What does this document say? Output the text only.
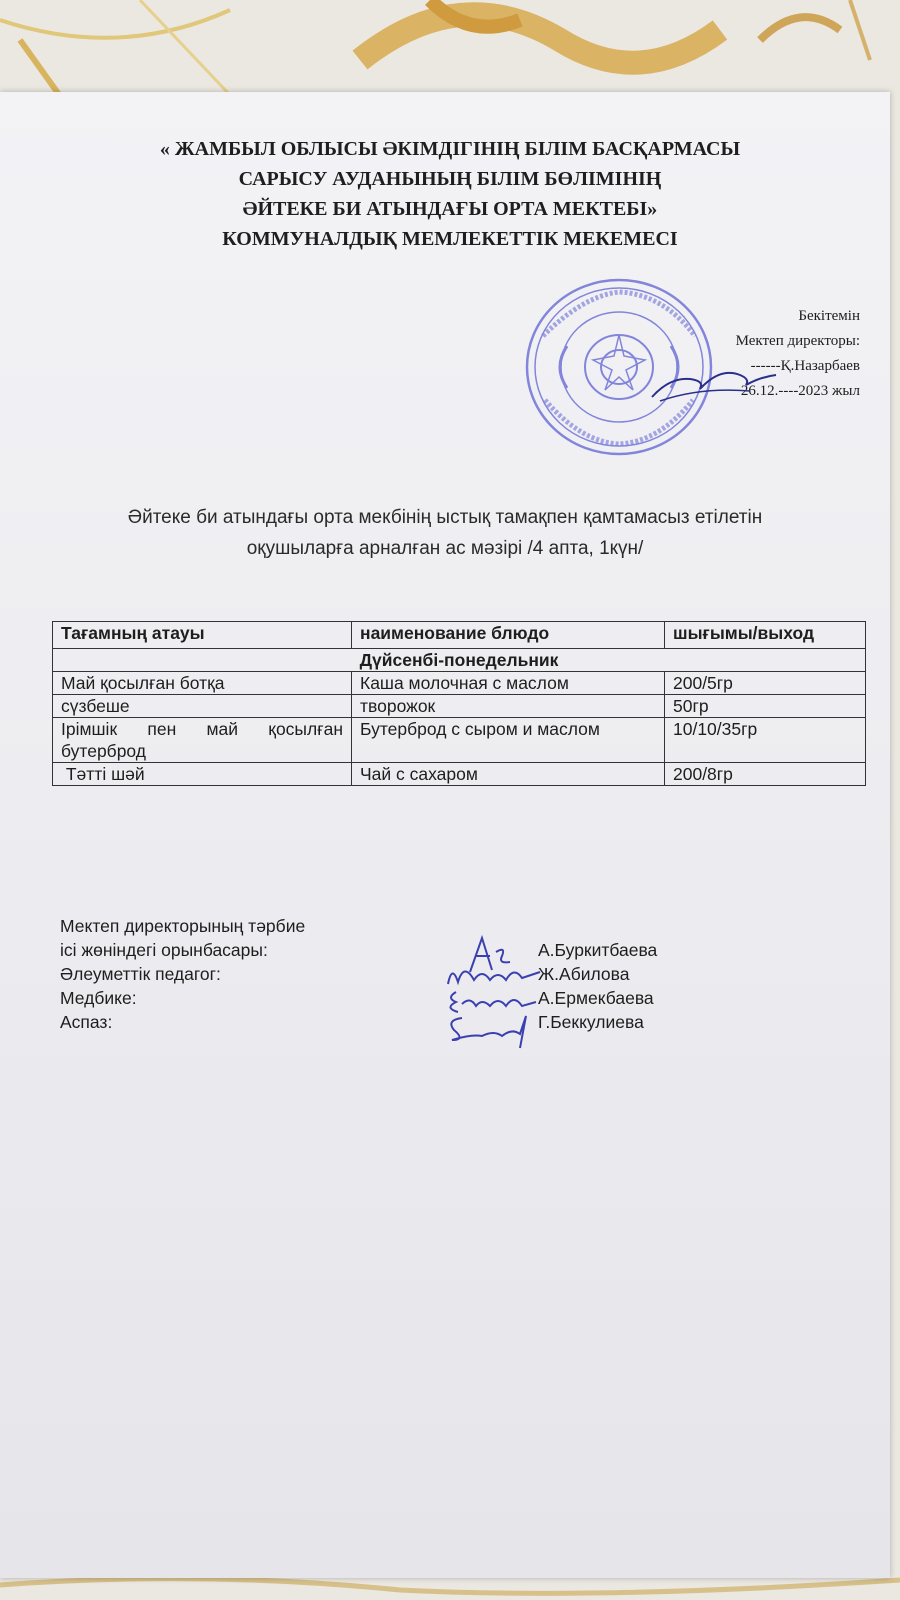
« ЖАМБЫЛ ОБЛЫСЫ ӘКІМДІГІНІҢ БІЛІМ БАСҚАРМАСЫ
САРЫСУ АУДАНЫНЫҢ БІЛІМ БӨЛІМІНІҢ
ӘЙТЕКЕ БИ АТЫНДАҒЫ ОРТА МЕКТЕБІ»
КОММУНАЛДЫҚ МЕМЛЕКЕТТІК МЕКЕМЕСІ
Бекітемін
Мектеп директоры:
------Қ.Назарбаев
26.12.----2023 жыл
Әйтеке би атындағы орта мекбінің ыстық тамақпен қамтамасыз етілетін
оқушыларға арналған ас мәзірі /4 апта, 1күн/
Тағамның атауы	наименование блюдо	шығымы/выход
Дүйсенбі-понедельник		
Май қосылған ботқа	Каша молочная с маслом	200/5гр
сүзбеше	творожок	50гр

Ірімшік пен май қосылған
бутерброд	Бутерброд с сыром и маслом	10/10/35гр
Тәтті шәй	Чай с сахаром	200/8гр
Мектеп директорының тәрбие
ісі жөніндегі орынбасары:	А.Буркитбаева
Әлеуметтік педагог:	Ж.Абилова
Медбике:	А.Ермекбаева
Аспаз:	Г.Беккулиева
